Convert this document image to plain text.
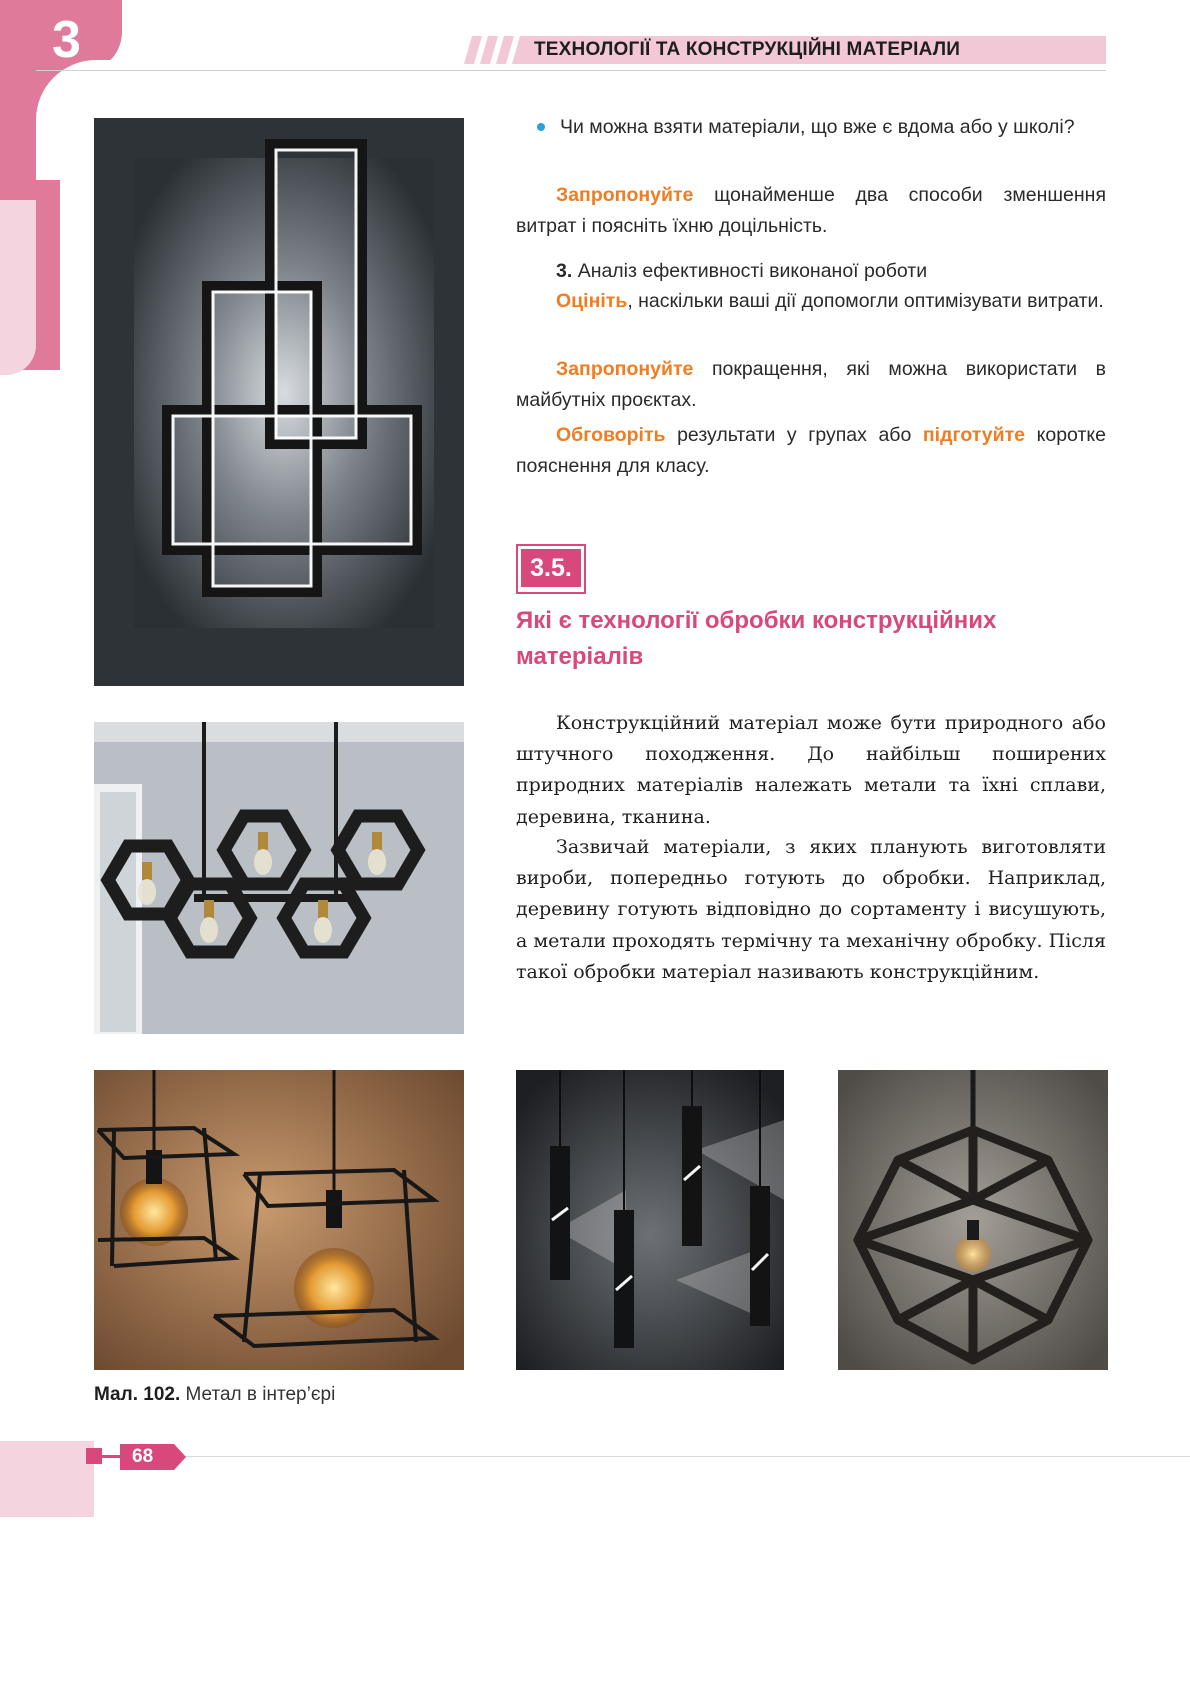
3	ТЕХНОЛОГІЇ ТА КОНСТРУКЦІЙНІ МАТЕРІАЛИ
Чи можна взяти матеріали, що вже є вдома або у школі?
Запропонуйте щонайменше два способи зменшення витрат і поясніть їхню доцільність.
3. Аналіз ефективності виконаної роботи
Оцініть, наскільки ваші дії допомогли оптимізувати витрати.
Запропонуйте покращення, які можна використати в майбутніх проєктах.
Обговоріть результати у групах або підготуйте коротке пояснення для класу.
3.5.
Які є технології обробки конструкційних матеріалів
Конструкційний матеріал може бути природного або штучного походження. До найбільш поширених природних матеріалів належать метали та їхні сплави, деревина, тканина.
Зазвичай матеріали, з яких планують виготовляти вироби, попередньо готують до обробки. Наприклад, деревину готують відповідно до сортаменту і висушують, а метали проходять термічну та механічну обробку. Після такої обробки матеріал називають конструкційним.
Мал. 102. Метал в інтер’єрі
68
